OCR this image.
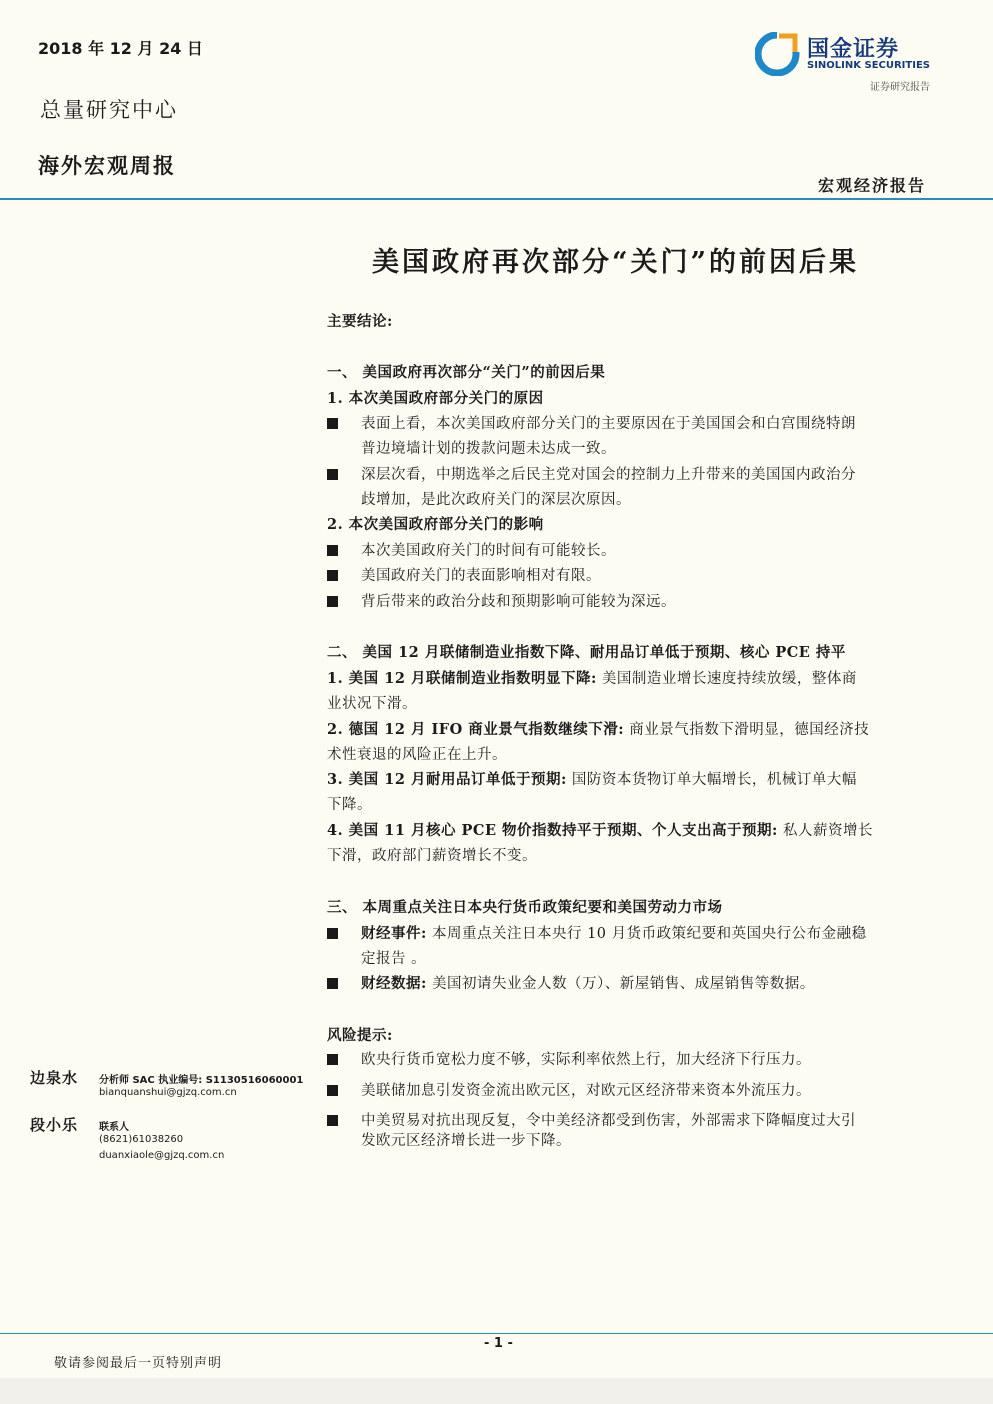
2018 年 12 月 24 日
总量研究中心
海外宏观周报
国金证券
SINOLINK SECURITIES
证券研究报告
宏观经济报告
美国政府再次部分“关门”的前因后果
主要结论:
一、 美国政府再次部分“关门”的前因后果
1. 本次美国政府部分关门的原因
表面上看，本次美国政府部分关门的主要原因在于美国国会和白宫围绕特朗
普边境墙计划的拨款问题未达成一致。
深层次看，中期选举之后民主党对国会的控制力上升带来的美国国内政治分
歧增加，是此次政府关门的深层次原因。
2. 本次美国政府部分关门的影响
本次美国政府关门的时间有可能较长。
美国政府关门的表面影响相对有限。
背后带来的政治分歧和预期影响可能较为深远。
二、 美国 12 月联储制造业指数下降、耐用品订单低于预期、核心 PCE 持平
1. 美国 12 月联储制造业指数明显下降: 美国制造业增长速度持续放缓，整体商
业状况下滑。
2. 德国 12 月 IFO 商业景气指数继续下滑: 商业景气指数下滑明显，德国经济技
术性衰退的风险正在上升。
3. 美国 12 月耐用品订单低于预期: 国防资本货物订单大幅增长，机械订单大幅
下降。
4. 美国 11 月核心 PCE 物价指数持平于预期、个人支出高于预期: 私人薪资增长
下滑，政府部门薪资增长不变。
三、 本周重点关注日本央行货币政策纪要和美国劳动力市场
财经事件: 本周重点关注日本央行 10 月货币政策纪要和英国央行公布金融稳
定报告 。
财经数据: 美国初请失业金人数（万）、新屋销售、成屋销售等数据。
风险提示:
欧央行货币宽松力度不够，实际利率依然上行，加大经济下行压力。
美联储加息引发资金流出欧元区，对欧元区经济带来资本外流压力。
中美贸易对抗出现反复，令中美经济都受到伤害，外部需求下降幅度过大引
发欧元区经济增长进一步下降。
边泉水 分析师 SAC 执业编号: S1130516060001
bianquanshui@gjzq.com.cn
段小乐 联系人
(8621)61038260
duanxiaole@gjzq.com.cn
- 1 -
敬请参阅最后一页特别声明
